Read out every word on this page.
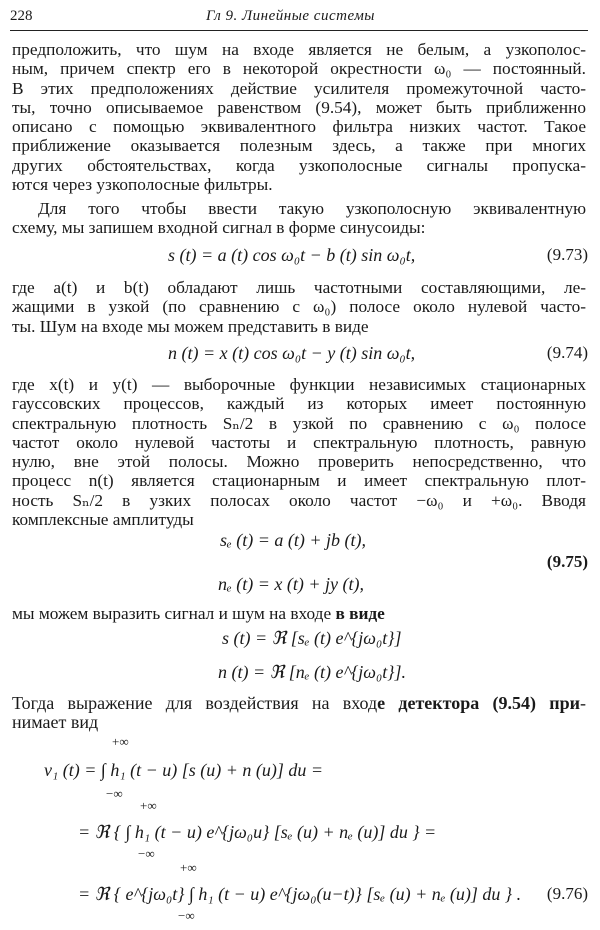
228	Гл 9. Линейные системы
предположить, что шум на входе является не белым, а узкополос-
ным, причем спектр его в некоторой окрестности ω₀ — постоянный.
В этих предположениях действие усилителя промежуточной часто-
ты, точно описываемое равенством (9.54), может быть приближенно
описано с помощью эквивалентного фильтра низких частот. Такое
приближение оказывается полезным здесь, а также при многих
других обстоятельствах, когда узкополосные сигналы пропуска-
ются через узкополосные фильтры.
Для того чтобы ввести такую узкополосную эквивалентную
схему, мы запишем входной сигнал в форме синусоиды:
s (t) = a (t) cos ω₀t − b (t) sin ω₀t,	(9.73)
где a(t) и b(t) обладают лишь частотными составляющими, ле-
жащими в узкой (по сравнению с ω₀) полосе около нулевой часто-
ты. Шум на входе мы можем представить в виде
n (t) = x (t) cos ω₀t − y (t) sin ω₀t,	(9.74)
где x(t) и y(t) — выборочные функции независимых стационарных
гауссовских процессов, каждый из которых имеет постоянную
спектральную плотность Sₙ/2 в узкой по сравнению с ω₀ полосе
частот около нулевой частоты и спектральную плотность, равную
нулю, вне этой полосы. Можно проверить непосредственно, что
процесс n(t) является стационарным и имеет спектральную плот-
ность Sₙ/2 в узких полосах около частот −ω₀ и +ω₀. Вводя
комплексные амплитуды
sₑ (t) = a (t) + jb (t),
nₑ (t) = x (t) + jy (t),
(9.75)
мы можем выразить сигнал и шум на входе в виде
s (t) = ℜ [sₑ (t) e^{jω₀t}]
n (t) = ℜ [nₑ (t) e^{jω₀t}].
Тогда выражение для воздействия на входе детектора (9.54) при-
нимает вид
+∞
v₁ (t) = ∫ h₁ (t − u) [s (u) + n (u)] du =
−∞
+∞
= ℜ { ∫ h₁ (t − u) e^{jω₀u} [sₑ (u) + nₑ (u)] du } =
−∞
+∞
= ℜ { e^{jω₀t} ∫ h₁ (t − u) e^{jω₀(u−t)} [sₑ (u) + nₑ (u)] du } .
−∞
(9.76)
